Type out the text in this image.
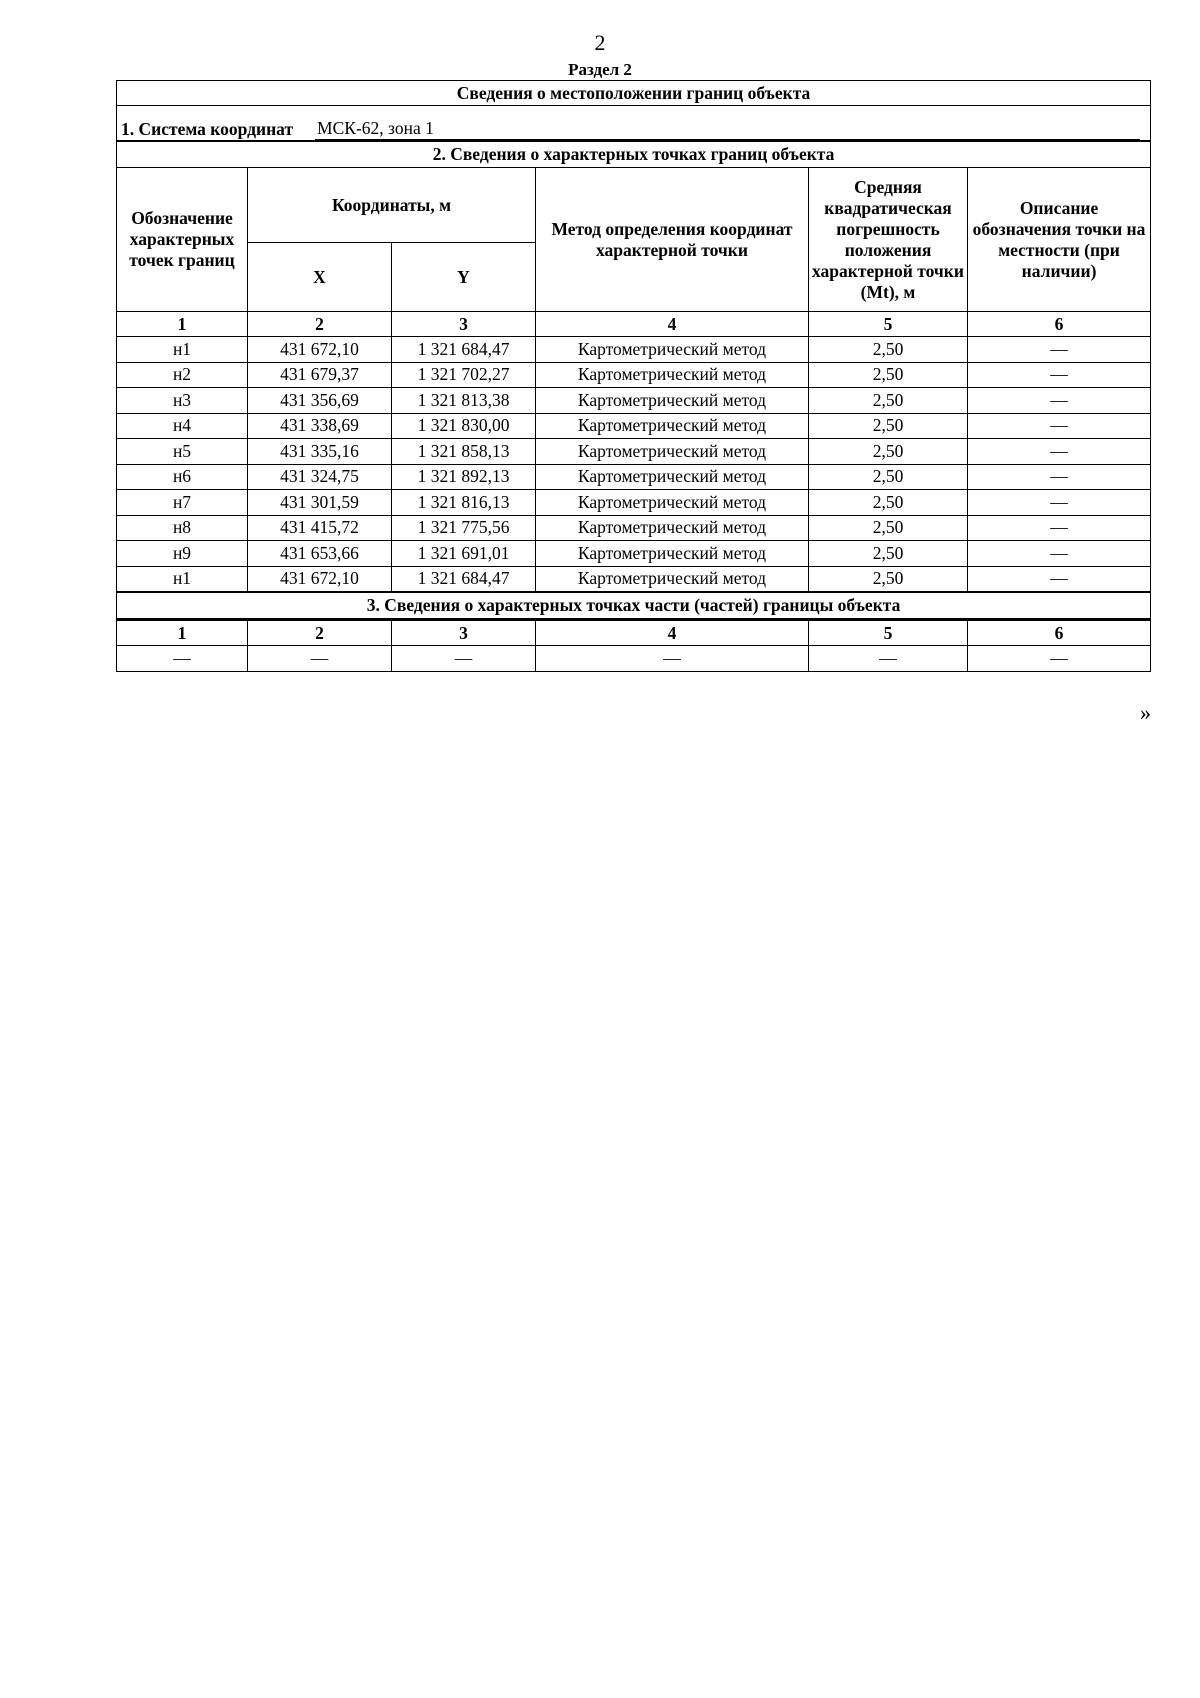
2
Раздел 2
Сведения о местоположении границ объекта					

1. Система координат МСК-62, зона 1					

2. Сведения о характерных точках границ объекта					
Обозначение характерных точек границ	Координаты, м		Метод определения координат характерной точки	Средняя квадратическая погрешность положения характерной точки (Mt), м	Описание обозначения точки на местности (при наличии)
	X	Y			
1	2	3	4	5	6
н1	431 672,10	1 321 684,47	Картометрический метод	2,50	—
н2	431 679,37	1 321 702,27	Картометрический метод	2,50	—
н3	431 356,69	1 321 813,38	Картометрический метод	2,50	—
н4	431 338,69	1 321 830,00	Картометрический метод	2,50	—
н5	431 335,16	1 321 858,13	Картометрический метод	2,50	—
н6	431 324,75	1 321 892,13	Картометрический метод	2,50	—
н7	431 301,59	1 321 816,13	Картометрический метод	2,50	—
н8	431 415,72	1 321 775,56	Картометрический метод	2,50	—
н9	431 653,66	1 321 691,01	Картометрический метод	2,50	—
н1	431 672,10	1 321 684,47	Картометрический метод	2,50	—
3. Сведения о характерных точках части (частей) границы объекта					
1	2	3	4	5	6
—	—	—	—	—	—
»
